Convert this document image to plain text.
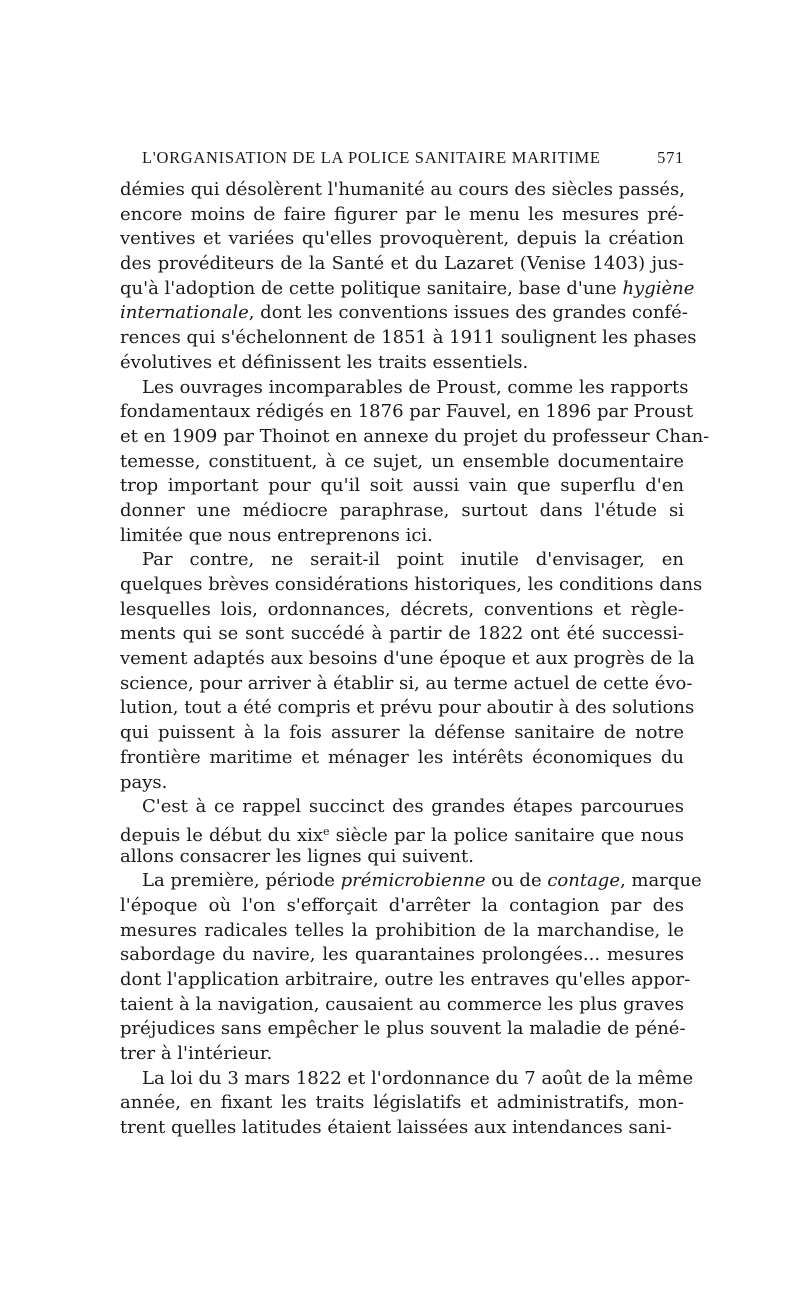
L'ORGANISATION DE LA POLICE SANITAIRE MARITIME	571
démies qui désolèrent l'humanité au cours des siècles passés,
encore moins de faire figurer par le menu les mesures pré-
ventives et variées qu'elles provoquèrent, depuis la création
des provéditeurs de la Santé et du Lazaret (Venise 1403) jus-
qu'à l'adoption de cette politique sanitaire, base d'une hygiène
internationale, dont les conventions issues des grandes confé-
rences qui s'échelonnent de 1851 à 1911 soulignent les phases
évolutives et définissent les traits essentiels.
Les ouvrages incomparables de Proust, comme les rapports
fondamentaux rédigés en 1876 par Fauvel, en 1896 par Proust
et en 1909 par Thoinot en annexe du projet du professeur Chan-
temesse, constituent, à ce sujet, un ensemble documentaire
trop important pour qu'il soit aussi vain que superflu d'en
donner une médiocre paraphrase, surtout dans l'étude si
limitée que nous entreprenons ici.
Par contre, ne serait-il point inutile d'envisager, en
quelques brèves considérations historiques, les conditions dans
lesquelles lois, ordonnances, décrets, conventions et règle-
ments qui se sont succédé à partir de 1822 ont été successi-
vement adaptés aux besoins d'une époque et aux progrès de la
science, pour arriver à établir si, au terme actuel de cette évo-
lution, tout a été compris et prévu pour aboutir à des solutions
qui puissent à la fois assurer la défense sanitaire de notre
frontière maritime et ménager les intérêts économiques du
pays.
C'est à ce rappel succinct des grandes étapes parcourues
depuis le début du xix$^e$ siècle par la police sanitaire que nous
allons consacrer les lignes qui suivent.
La première, période prémicrobienne ou de contage, marque
l'époque où l'on s'efforçait d'arrêter la contagion par des
mesures radicales telles la prohibition de la marchandise, le
sabordage du navire, les quarantaines prolongées... mesures
dont l'application arbitraire, outre les entraves qu'elles appor-
taient à la navigation, causaient au commerce les plus graves
préjudices sans empêcher le plus souvent la maladie de péné-
trer à l'intérieur.
La loi du 3 mars 1822 et l'ordonnance du 7 août de la même
année, en fixant les traits législatifs et administratifs, mon-
trent quelles latitudes étaient laissées aux intendances sani-
